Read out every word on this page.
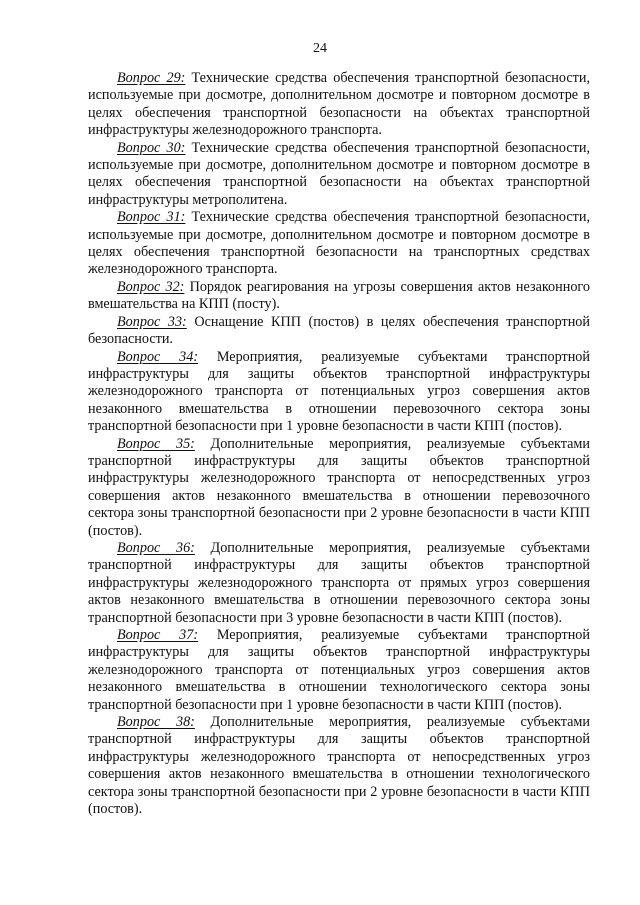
24

Вопрос 29: Технические средства обеспечения транспортной безопасности, используемые при досмотре, дополнительном досмотре и повторном досмотре в целях обеспечения транспортной безопасности на объектах транспортной инфраструктуры железнодорожного транспорта.

Вопрос 30: Технические средства обеспечения транспортной безопасности, используемые при досмотре, дополнительном досмотре и повторном досмотре в целях обеспечения транспортной безопасности на объектах транспортной инфраструктуры метрополитена.

Вопрос 31: Технические средства обеспечения транспортной безопасности, используемые при досмотре, дополнительном досмотре и повторном досмотре в целях обеспечения транспортной безопасности на транспортных средствах железнодорожного транспорта.

Вопрос 32: Порядок реагирования на угрозы совершения актов незаконного вмешательства на КПП (посту).

Вопрос 33: Оснащение КПП (постов) в целях обеспечения транспортной безопасности.

Вопрос 34: Мероприятия, реализуемые субъектами транспортной инфраструктуры для защиты объектов транспортной инфраструктуры железнодорожного транспорта от потенциальных угроз совершения актов незаконного вмешательства в отношении перевозочного сектора зоны транспортной безопасности при 1 уровне безопасности в части КПП (постов).

Вопрос 35: Дополнительные мероприятия, реализуемые субъектами транспортной инфраструктуры для защиты объектов транспортной инфраструктуры железнодорожного транспорта от непосредственных угроз совершения актов незаконного вмешательства в отношении перевозочного сектора зоны транспортной безопасности при 2 уровне безопасности в части КПП (постов).

Вопрос 36: Дополнительные мероприятия, реализуемые субъектами транспортной инфраструктуры для защиты объектов транспортной инфраструктуры железнодорожного транспорта от прямых угроз совершения актов незаконного вмешательства в отношении перевозочного сектора зоны транспортной безопасности при 3 уровне безопасности в части КПП (постов).

Вопрос 37: Мероприятия, реализуемые субъектами транспортной инфраструктуры для защиты объектов транспортной инфраструктуры железнодорожного транспорта от потенциальных угроз совершения актов незаконного вмешательства в отношении технологического сектора зоны транспортной безопасности при 1 уровне безопасности в части КПП (постов).

Вопрос 38: Дополнительные мероприятия, реализуемые субъектами транспортной инфраструктуры для защиты объектов транспортной инфраструктуры железнодорожного транспорта от непосредственных угроз совершения актов незаконного вмешательства в отношении технологического сектора зоны транспортной безопасности при 2 уровне безопасности в части КПП (постов).
